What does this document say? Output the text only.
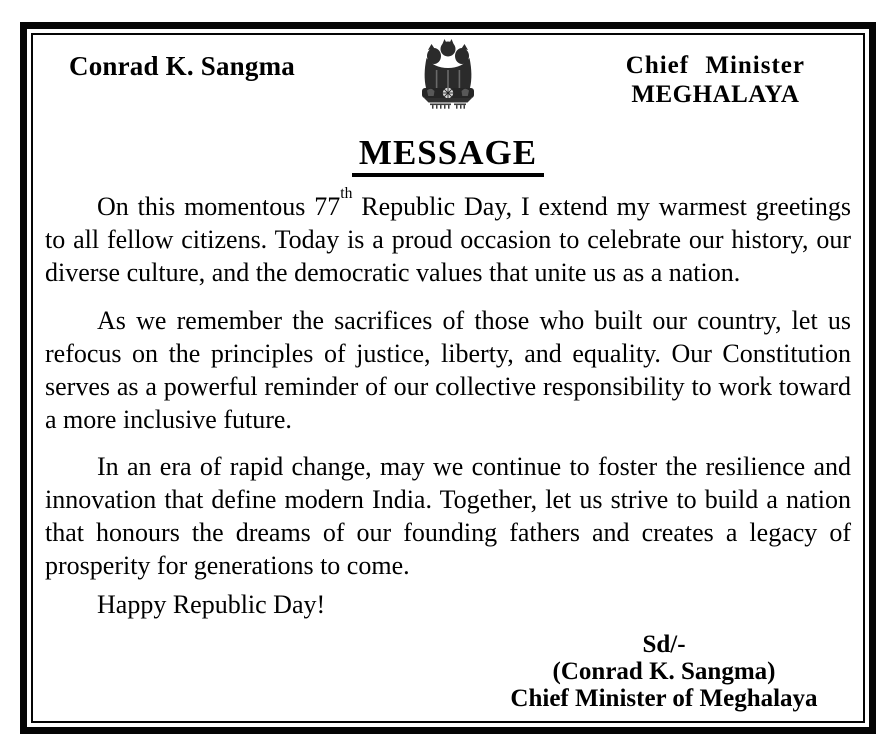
Conrad K. Sangma	Chief Minister
MEGHALAYA
MESSAGE

On this momentous 77th Republic Day, I extend my warmest greetings to all fellow citizens. Today is a proud occasion to celebrate our history, our diverse culture, and the democratic values that unite us as a nation.

As we remember the sacrifices of those who built our country, let us refocus on the principles of justice, liberty, and equality. Our Constitution serves as a powerful reminder of our collective responsibility to work toward a more inclusive future.

In an era of rapid change, may we continue to foster the resilience and innovation that define modern India. Together, let us strive to build a nation that honours the dreams of our founding fathers and creates a legacy of prosperity for generations to come.

Happy Republic Day!

Sd/-
(Conrad K. Sangma)
Chief Minister of Meghalaya
